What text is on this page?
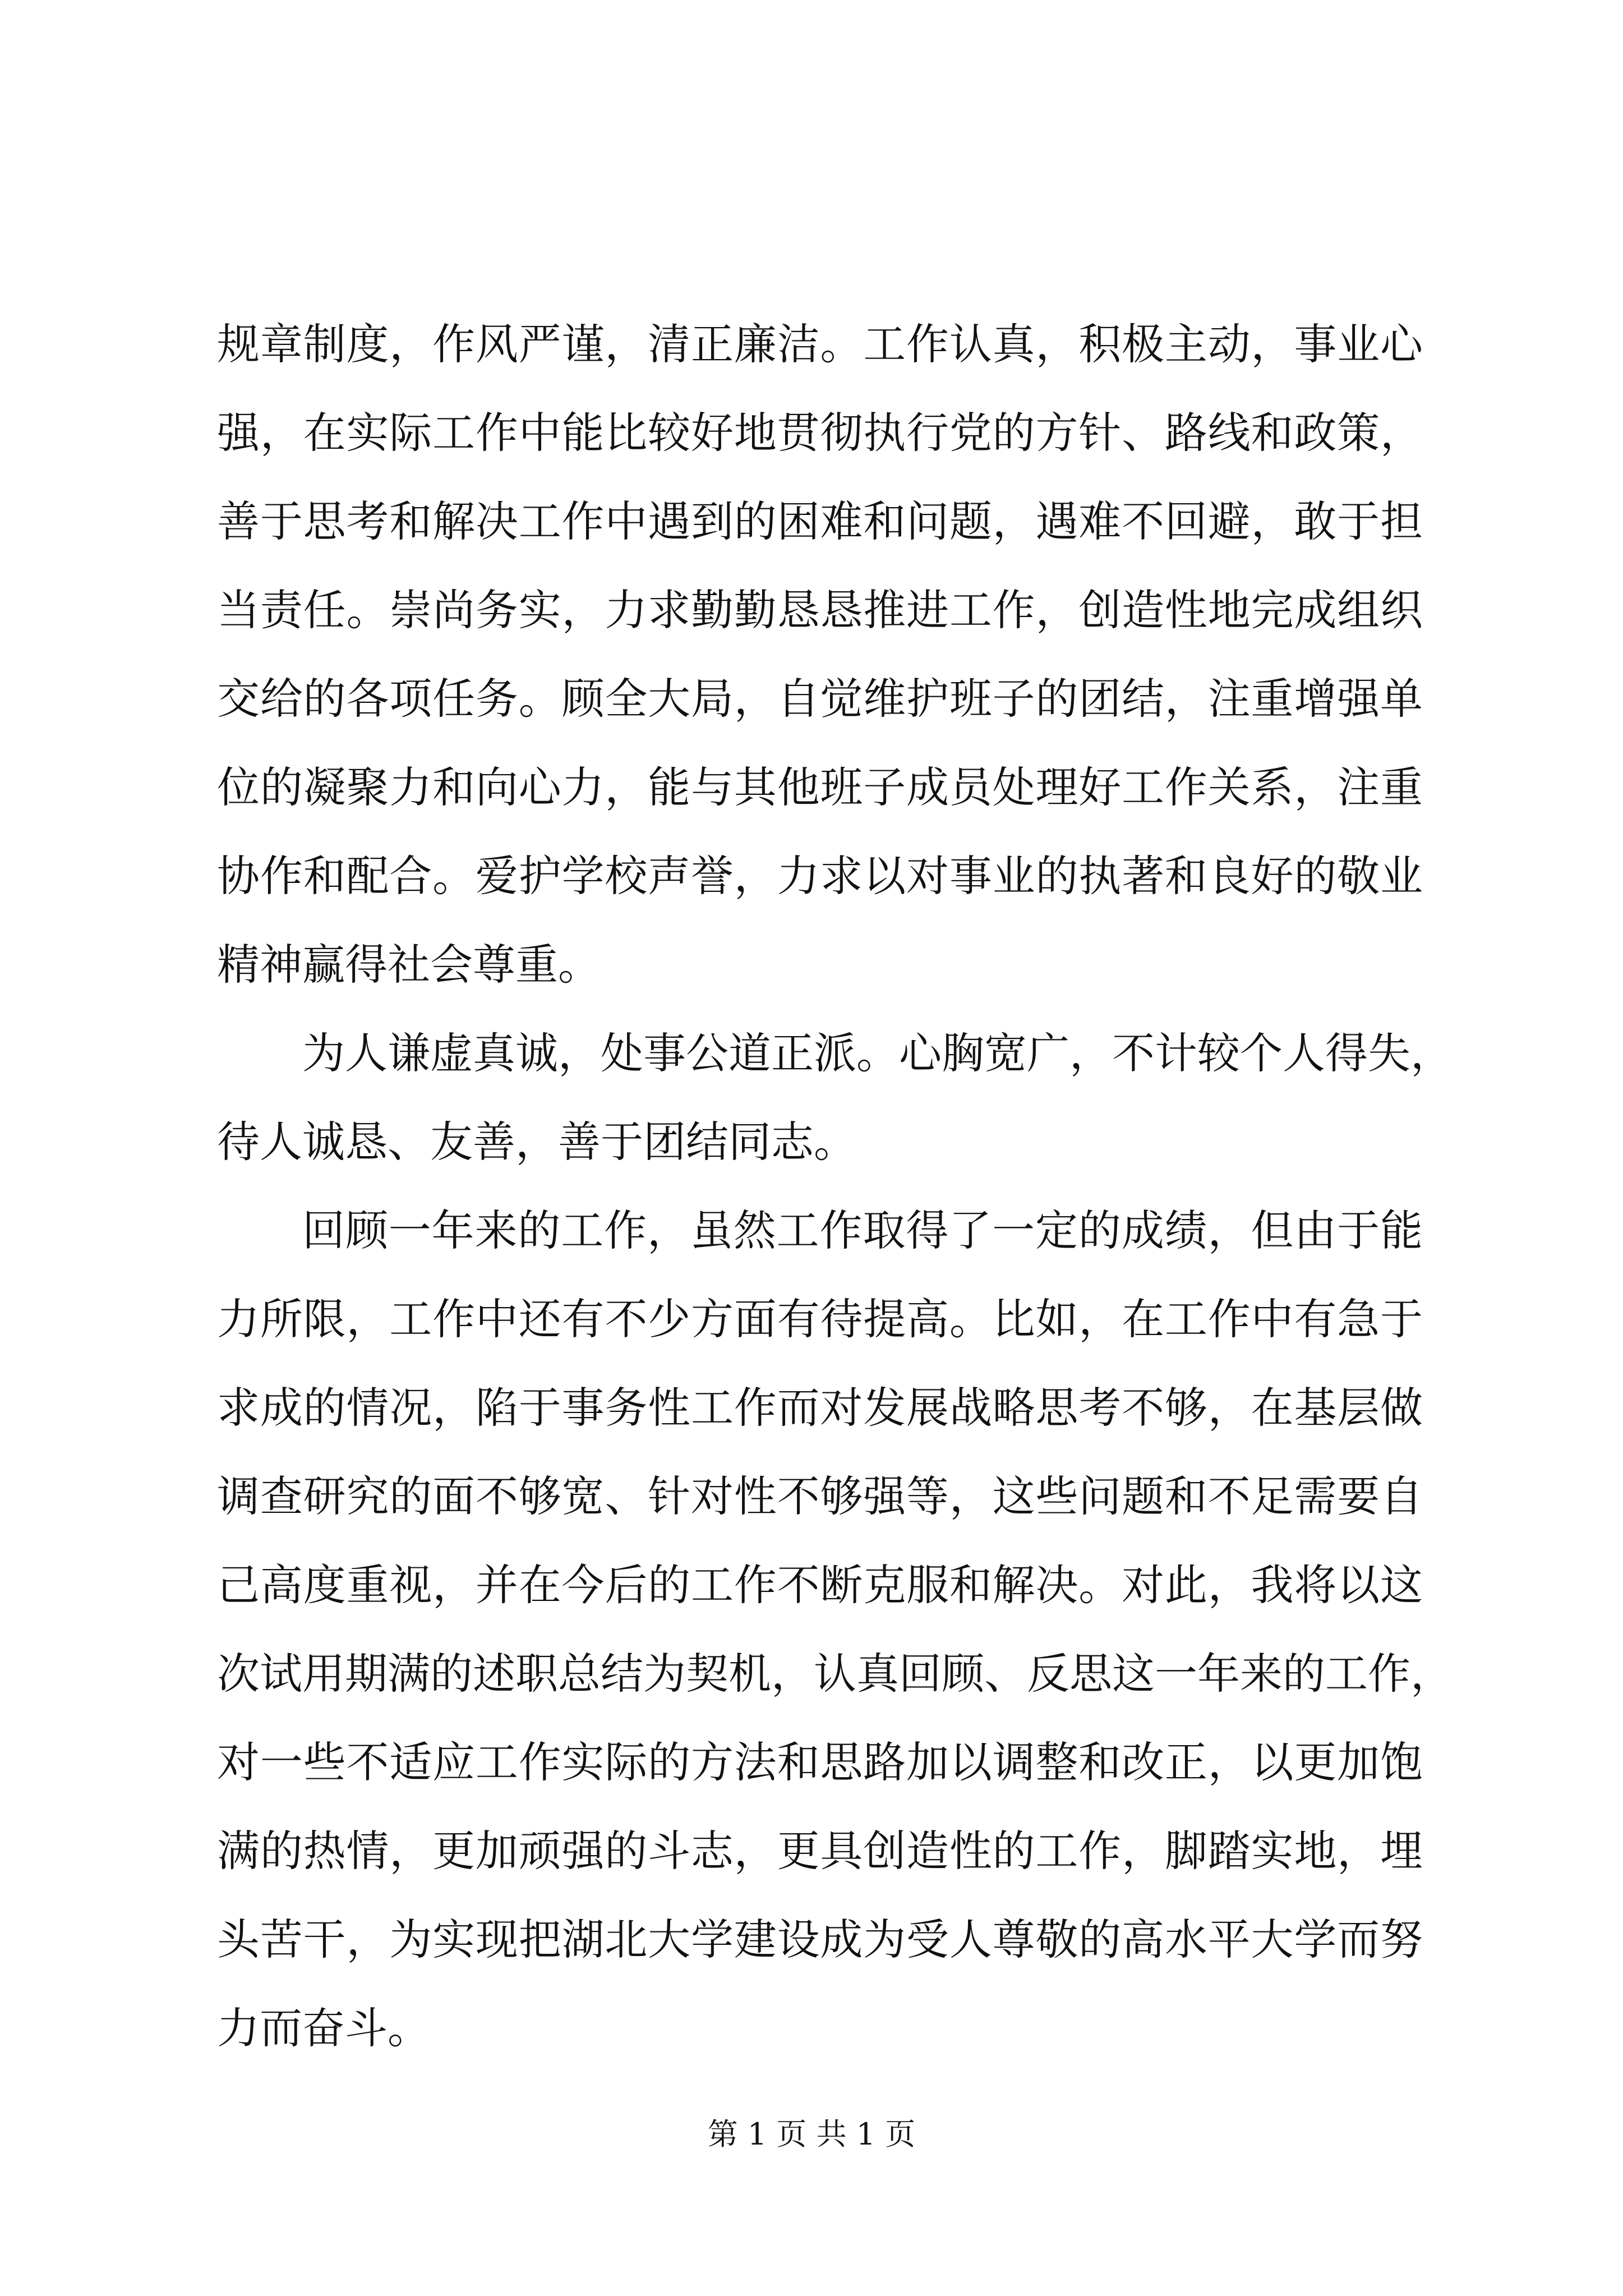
规章制度，作风严谨，清正廉洁。工作认真，积极主动，事业心
强，在实际工作中能比较好地贯彻执行党的方针、路线和政策，
善于思考和解决工作中遇到的困难和问题，遇难不回避，敢于担
当责任。崇尚务实，力求勤勤恳恳推进工作，创造性地完成组织
交给的各项任务。顾全大局，自觉维护班子的团结，注重增强单
位的凝聚力和向心力，能与其他班子成员处理好工作关系，注重
协作和配合。爱护学校声誉，力求以对事业的执著和良好的敬业
精神赢得社会尊重。
为人谦虚真诚，处事公道正派。心胸宽广，不计较个人得失，
待人诚恳、友善，善于团结同志。
回顾一年来的工作，虽然工作取得了一定的成绩，但由于能
力所限，工作中还有不少方面有待提高。比如，在工作中有急于
求成的情况，陷于事务性工作而对发展战略思考不够，在基层做
调查研究的面不够宽、针对性不够强等，这些问题和不足需要自
己高度重视，并在今后的工作不断克服和解决。对此，我将以这
次试用期满的述职总结为契机，认真回顾、反思这一年来的工作，
对一些不适应工作实际的方法和思路加以调整和改正，以更加饱
满的热情，更加顽强的斗志，更具创造性的工作，脚踏实地，埋
头苦干，为实现把湖北大学建设成为受人尊敬的高水平大学而努
力而奋斗。
第 1 页 共 1 页
